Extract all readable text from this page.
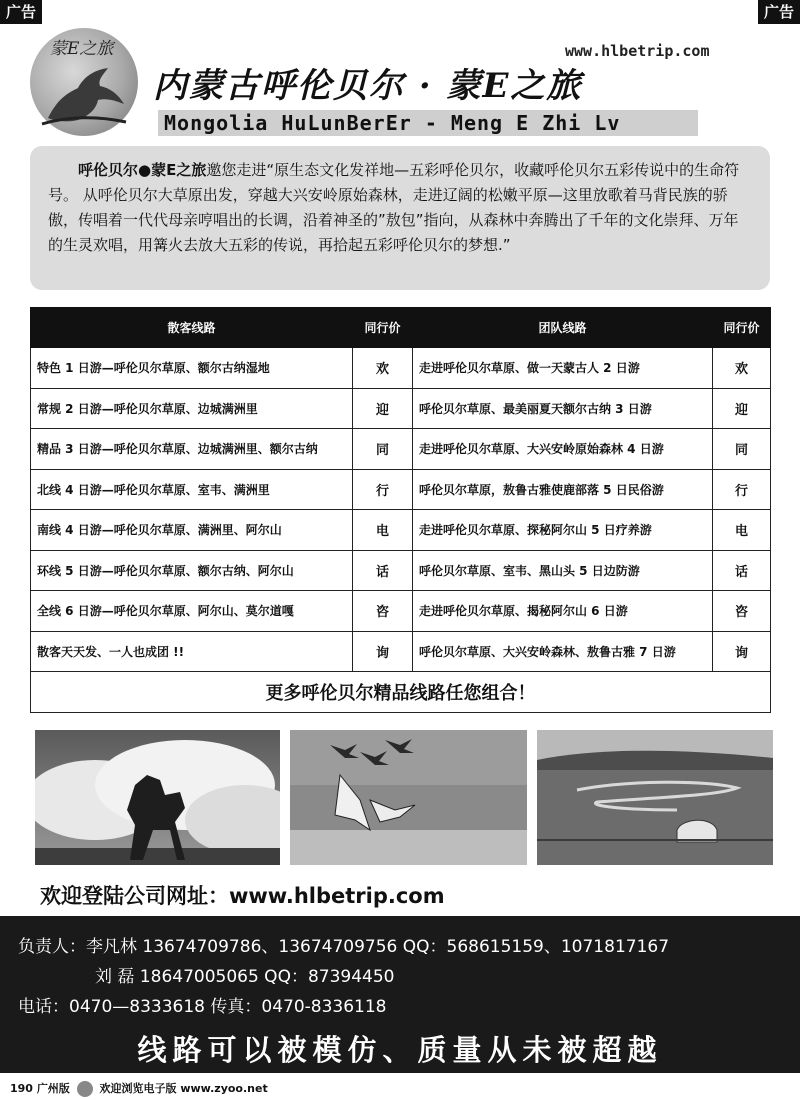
广告	广告
蒙E之旅	www.hlbetrip.com
内蒙古呼伦贝尔 · 蒙E之旅
Mongolia HuLunBerEr - Meng E Zhi Lv
呼伦贝尔●蒙E之旅邀您走进“原生态文化发祥地—五彩呼伦贝尔，收藏呼伦贝尔五彩传说中的生命符号。 从呼伦贝尔大草原出发，穿越大兴安岭原始森林，走进辽阔的松嫩平原—这里放歌着马背民族的骄傲，传唱着一代代母亲哼唱出的长调，沿着神圣的”敖包”指向，从森林中奔腾出了千年的文化崇拜、万年的生灵欢唱，用篝火去放大五彩的传说，再拾起五彩呼伦贝尔的梦想.”
散客线路	同行价	团队线路	同行价
特色 1 日游—呼伦贝尔草原、额尔古纳湿地	欢	走进呼伦贝尔草原、做一天蒙古人 2 日游	欢
常规 2 日游—呼伦贝尔草原、边城满洲里	迎	呼伦贝尔草原、最美丽夏天额尔古纳 3 日游	迎
精品 3 日游—呼伦贝尔草原、边城满洲里、额尔古纳	同	走进呼伦贝尔草原、大兴安岭原始森林 4 日游	同
北线 4 日游—呼伦贝尔草原、室韦、满洲里	行	呼伦贝尔草原，敖鲁古雅使鹿部落 5 日民俗游	行
南线 4 日游—呼伦贝尔草原、满洲里、阿尔山	电	走进呼伦贝尔草原、探秘阿尔山 5 日疗养游	电
环线 5 日游—呼伦贝尔草原、额尔古纳、阿尔山	话	呼伦贝尔草原、室韦、黑山头 5 日边防游	话
全线 6 日游—呼伦贝尔草原、阿尔山、莫尔道嘎	咨	走进呼伦贝尔草原、揭秘阿尔山 6 日游	咨
散客天天发、一人也成团 !!	询	呼伦贝尔草原、大兴安岭森林、敖鲁古雅 7 日游	询
更多呼伦贝尔精品线路任您组合！			
欢迎登陆公司网址：www.hlbetrip.com
负责人：李凡林 13674709786、13674709756 QQ：568615159、1071817167
刘 磊 18647005065 QQ：87394450
电话：0470—8333618 传真：0470-8336118
线路可以被模仿、质量从未被超越
190 广州版	欢迎浏览电子版 www.zyoo.net
